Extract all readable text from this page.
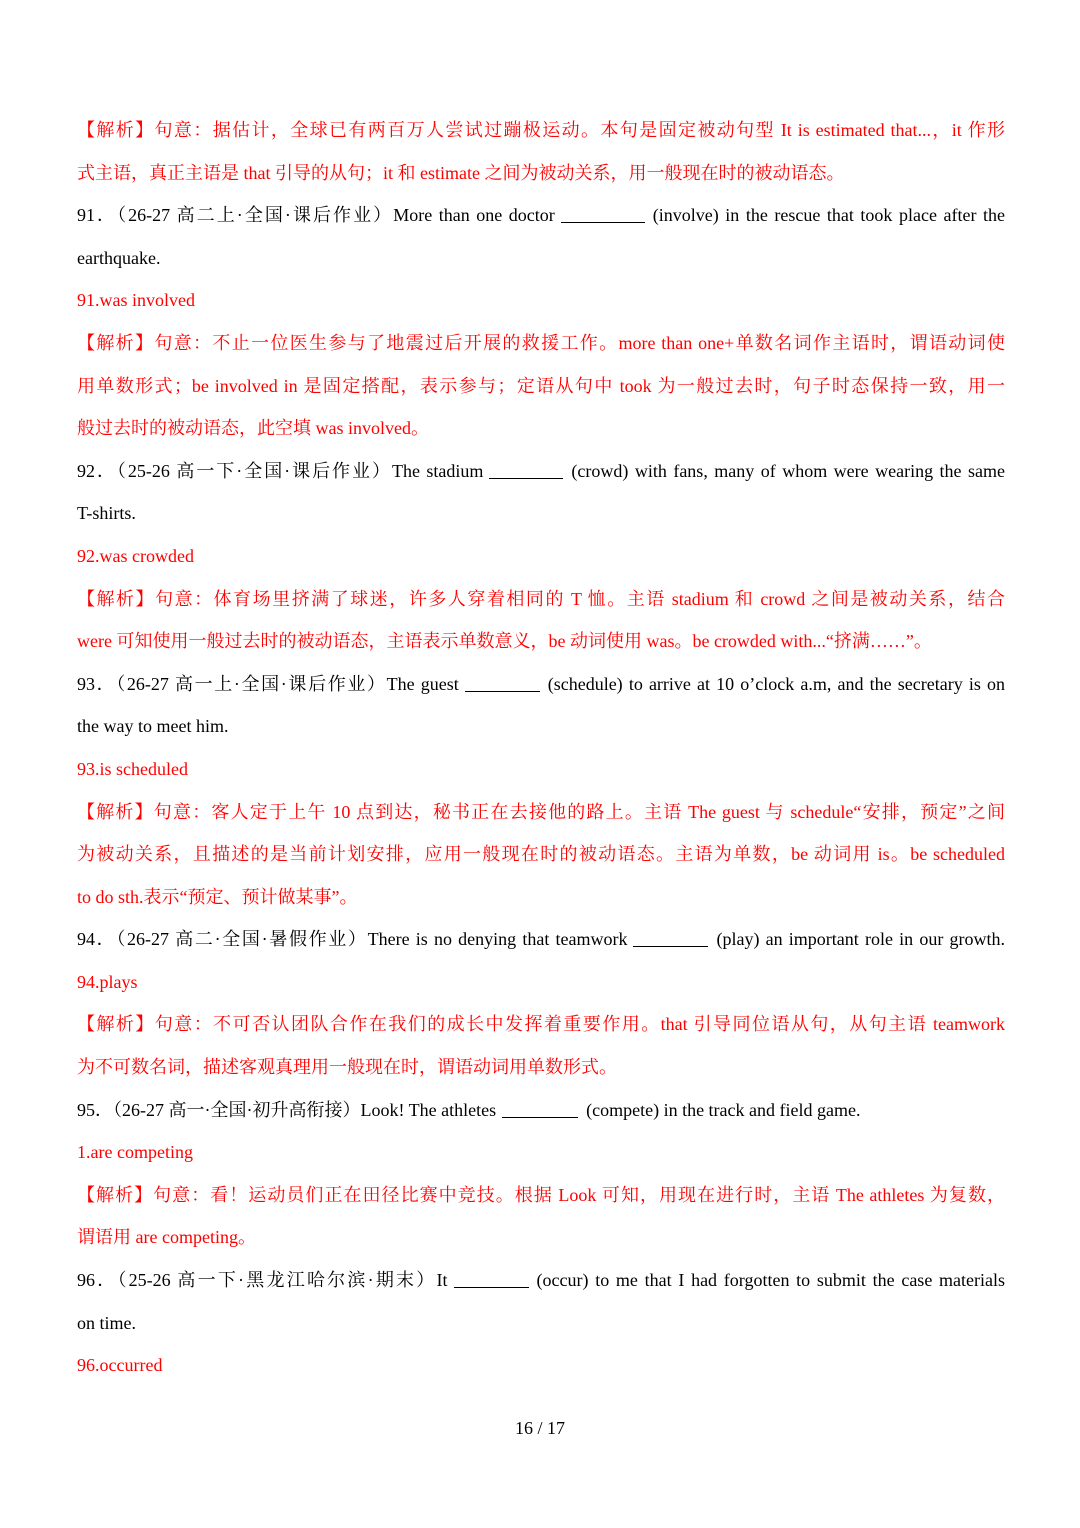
【解析】句意：据估计，全球已有两百万人尝试过蹦极运动。本句是固定被动句型 It is estimated that...，it 作形
式主语，真正主语是 that 引导的从句；it 和 estimate 之间为被动关系，用一般现在时的被动语态。
91．（26-27 高二上·全国·课后作业）More than one doctor	(involve) in the rescue that took place after the
earthquake.
91.was involved
【解析】句意：不止一位医生参与了地震过后开展的救援工作。more than one+单数名词作主语时，谓语动词使
用单数形式；be involved in 是固定搭配，表示参与；定语从句中 took 为一般过去时，句子时态保持一致，用一
般过去时的被动语态，此空填 was involved。
92．（25-26 高一下·全国·课后作业）The stadium	(crowd) with fans, many of whom were wearing the same
T-shirts.
92.was crowded
【解析】句意：体育场里挤满了球迷，许多人穿着相同的 T 恤。主语 stadium 和 crowd 之间是被动关系，结合
were 可知使用一般过去时的被动语态，主语表示单数意义，be 动词使用 was。be crowded with...“挤满……”。
93．（26-27 高一上·全国·课后作业）The guest	(schedule) to arrive at 10 o’clock a.m, and the secretary is on
the way to meet him.
93.is scheduled
【解析】句意：客人定于上午 10 点到达，秘书正在去接他的路上。主语 The guest 与 schedule“安排，预定”之间
为被动关系，且描述的是当前计划安排，应用一般现在时的被动语态。主语为单数，be 动词用 is。be scheduled
to do sth.表示“预定、预计做某事”。
94．（26-27 高二·全国·暑假作业）There is no denying that teamwork	(play) an important role in our growth.
94.plays
【解析】句意：不可否认团队合作在我们的成长中发挥着重要作用。that 引导同位语从句，从句主语 teamwork
为不可数名词，描述客观真理用一般现在时，谓语动词用单数形式。
95．（26-27 高一·全国·初升高衔接）Look! The athletes	(compete) in the track and field game.
1.are competing
【解析】句意：看！运动员们正在田径比赛中竞技。根据 Look 可知，用现在进行时，主语 The athletes 为复数，
谓语用 are competing。
96．（25-26 高一下·黑龙江哈尔滨·期末）It	(occur) to me that I had forgotten to submit the case materials
on time.
96.occurred
16 / 17
